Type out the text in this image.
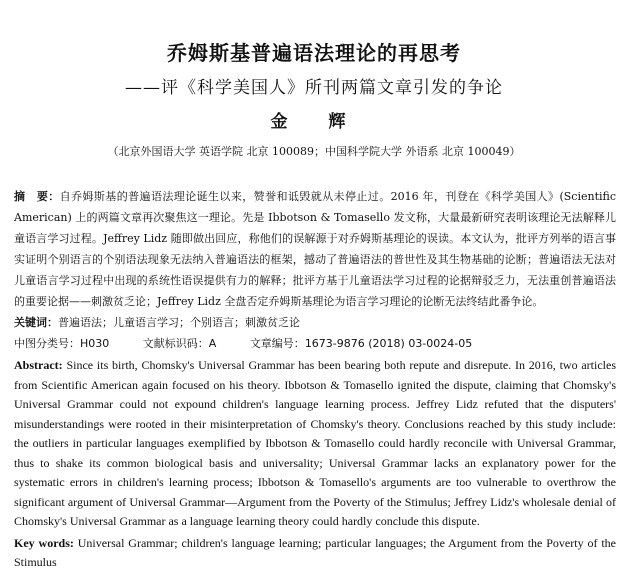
乔姆斯基普遍语法理论的再思考
——评《科学美国人》所刊两篇文章引发的争论
金　辉
（北京外国语大学 英语学院 北京 100089；中国科学院大学 外语系 北京 100049）
摘　要：自乔姆斯基的普遍语法理论诞生以来，赞誉和诋毁就从未停止过。2016 年，刊登在《科学美国人》(Scientific American) 上的两篇文章再次聚焦这一理论。先是 Ibbotson & Tomasello 发文称，大量最新研究表明该理论无法解释儿童语言学习过程。Jeffrey Lidz 随即做出回应，称他们的误解源于对乔姆斯基理论的误读。本文认为，批评方列举的语言事实证明个别语言的个别语法现象无法纳入普遍语法的框架，撼动了普遍语法的普世性及其生物基础的论断；普遍语法无法对儿童语言学习过程中出现的系统性语误提供有力的解释；批评方基于儿童语法学习过程的论据辩驳乏力，无法重创普遍语法的重要论据——刺激贫乏论；Jeffrey Lidz 全盘否定乔姆斯基理论为语言学习理论的论断无法终结此番争论。
关键词：普遍语法；儿童语言学习；个别语言；刺激贫乏论
中图分类号：H030	文献标识码：A	文章编号：1673-9876 (2018) 03-0024-05
Abstract: Since its birth, Chomsky's Universal Grammar has been bearing both repute and disrepute. In 2016, two articles from Scientific American again focused on his theory. Ibbotson & Tomasello ignited the dispute, claiming that Chomsky's Universal Grammar could not expound children's language learning process. Jeffrey Lidz refuted that the disputers' misunderstandings were rooted in their misinterpretation of Chomsky's theory. Conclusions reached by this study include: the outliers in particular languages exemplified by Ibbotson & Tomasello could hardly reconcile with Universal Grammar, thus to shake its common biological basis and universality; Universal Grammar lacks an explanatory power for the systematic errors in children's learning process; Ibbotson & Tomasello's arguments are too vulnerable to overthrow the significant argument of Universal Grammar—Argument from the Poverty of the Stimulus; Jeffrey Lidz's wholesale denial of Chomsky's Universal Grammar as a language learning theory could hardly conclude this dispute.
Key words: Universal Grammar; children's language learning; particular languages; the Argument from the Poverty of the Stimulus
